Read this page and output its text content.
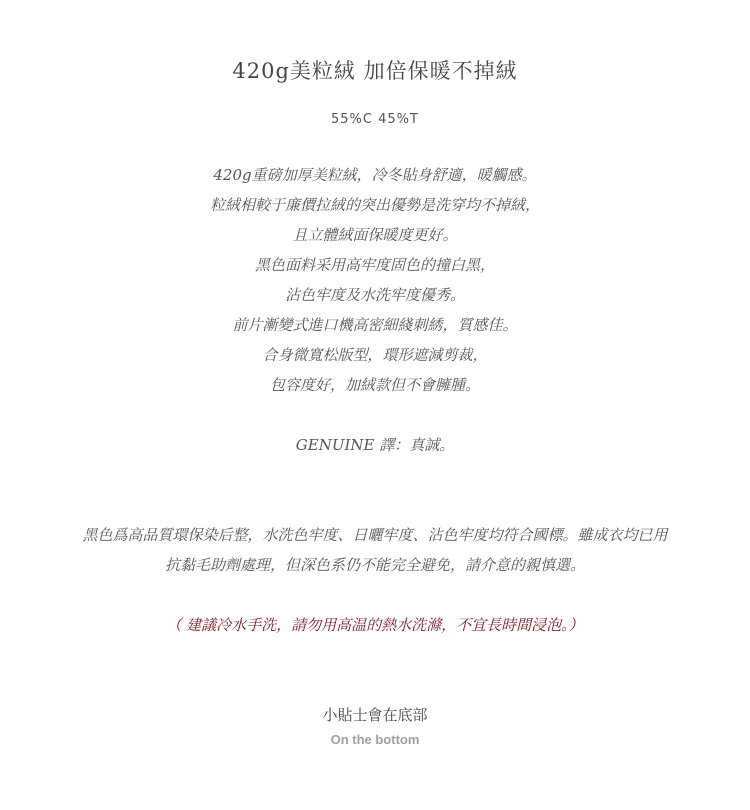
420g美粒絨 加倍保暖不掉絨
55%C 45%T
420g重磅加厚美粒絨，冷冬貼身舒適，暖觸感。
粒絨相較于廉價拉絨的突出優勢是洗穿均不掉絨，
且立體絨面保暖度更好。
黑色面料采用高牢度固色的撞白黑，
沾色牢度及水洗牢度優秀。
前片漸變式進口機高密細綫刺綉，質感佳。
合身微寬松版型，環形遮減剪裁，
包容度好，加絨款但不會臃腫。
GENUINE 譯：真誠。
黑色爲高品質環保染后整，水洗色牢度、日曬牢度、沾色牢度均符合國標。雖成衣均已用
抗黏毛助劑處理，但深色系仍不能完全避免，請介意的親慎選。
（ 建議冷水手洗，請勿用高温的熱水洗滌，不宜長時間浸泡。）
小貼士會在底部
On the bottom
